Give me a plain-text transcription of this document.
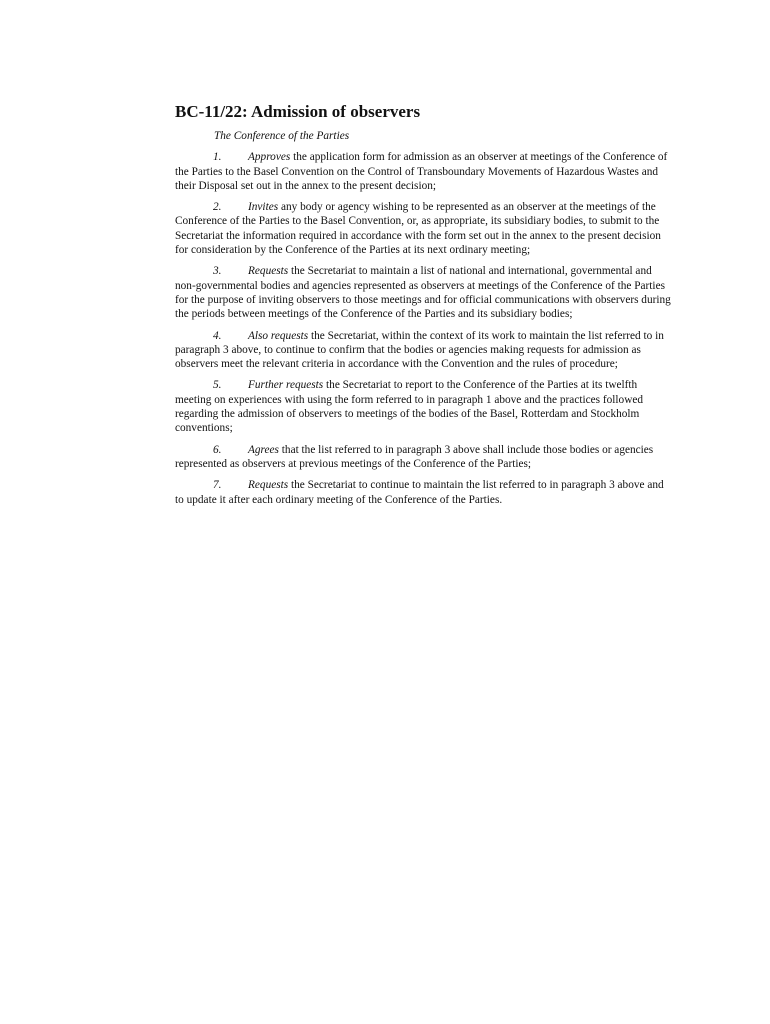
BC-11/22: Admission of observers

The Conference of the Parties

1. Approves the application form for admission as an observer at meetings of the Conference of the Parties to the Basel Convention on the Control of Transboundary Movements of Hazardous Wastes and their Disposal set out in the annex to the present decision;

2. Invites any body or agency wishing to be represented as an observer at the meetings of the Conference of the Parties to the Basel Convention, or, as appropriate, its subsidiary bodies, to submit to the Secretariat the information required in accordance with the form set out in the annex to the present decision for consideration by the Conference of the Parties at its next ordinary meeting;

3. Requests the Secretariat to maintain a list of national and international, governmental and non-governmental bodies and agencies represented as observers at meetings of the Conference of the Parties for the purpose of inviting observers to those meetings and for official communications with observers during the periods between meetings of the Conference of the Parties and its subsidiary bodies;

4. Also requests the Secretariat, within the context of its work to maintain the list referred to in paragraph 3 above, to continue to confirm that the bodies or agencies making requests for admission as observers meet the relevant criteria in accordance with the Convention and the rules of procedure;

5. Further requests the Secretariat to report to the Conference of the Parties at its twelfth meeting on experiences with using the form referred to in paragraph 1 above and the practices followed regarding the admission of observers to meetings of the bodies of the Basel, Rotterdam and Stockholm conventions;

6. Agrees that the list referred to in paragraph 3 above shall include those bodies or agencies represented as observers at previous meetings of the Conference of the Parties;

7. Requests the Secretariat to continue to maintain the list referred to in paragraph 3 above and to update it after each ordinary meeting of the Conference of the Parties.
